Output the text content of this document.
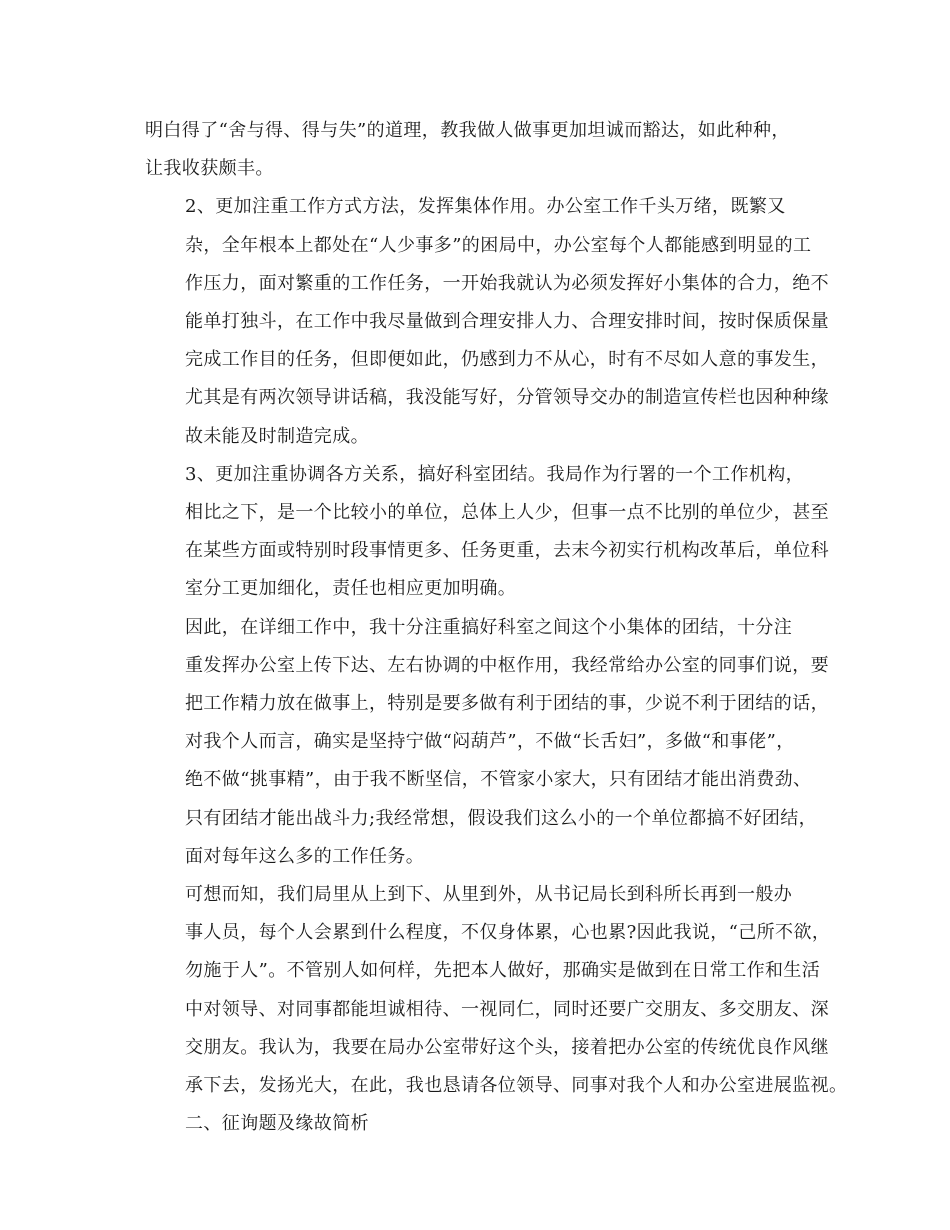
明白得了“舍与得、得与失”的道理，教我做人做事更加坦诚而豁达，如此种种，
让我收获颇丰。

2、更加注重工作方式方法，发挥集体作用。办公室工作千头万绪，既繁又
杂，全年根本上都处在“人少事多”的困局中，办公室每个人都能感到明显的工
作压力，面对繁重的工作任务，一开始我就认为必须发挥好小集体的合力，绝不
能单打独斗，在工作中我尽量做到合理安排人力、合理安排时间，按时保质保量
完成工作目的任务，但即便如此，仍感到力不从心，时有不尽如人意的事发生，
尤其是有两次领导讲话稿，我没能写好，分管领导交办的制造宣传栏也因种种缘
故未能及时制造完成。

3、更加注重协调各方关系，搞好科室团结。我局作为行署的一个工作机构，
相比之下，是一个比较小的单位，总体上人少，但事一点不比别的单位少，甚至
在某些方面或特别时段事情更多、任务更重，去末今初实行机构改革后，单位科
室分工更加细化，责任也相应更加明确。

因此，在详细工作中，我十分注重搞好科室之间这个小集体的团结，十分注
重发挥办公室上传下达、左右协调的中枢作用，我经常给办公室的同事们说，要
把工作精力放在做事上，特别是要多做有利于团结的事，少说不利于团结的话，
对我个人而言，确实是坚持宁做“闷葫芦”，不做“长舌妇”，多做“和事佬”，
绝不做“挑事精”，由于我不断坚信，不管家小家大，只有团结才能出消费劲、
只有团结才能出战斗力;我经常想，假设我们这么小的一个单位都搞不好团结，
面对每年这么多的工作任务。

可想而知，我们局里从上到下、从里到外，从书记局长到科所长再到一般办
事人员，每个人会累到什么程度，不仅身体累，心也累?因此我说，“己所不欲，
勿施于人”。不管别人如何样，先把本人做好，那确实是做到在日常工作和生活
中对领导、对同事都能坦诚相待、一视同仁，同时还要广交朋友、多交朋友、深
交朋友。我认为，我要在局办公室带好这个头，接着把办公室的传统优良作风继
承下去，发扬光大，在此，我也恳请各位领导、同事对我个人和办公室进展监视。

二、征询题及缘故简析
